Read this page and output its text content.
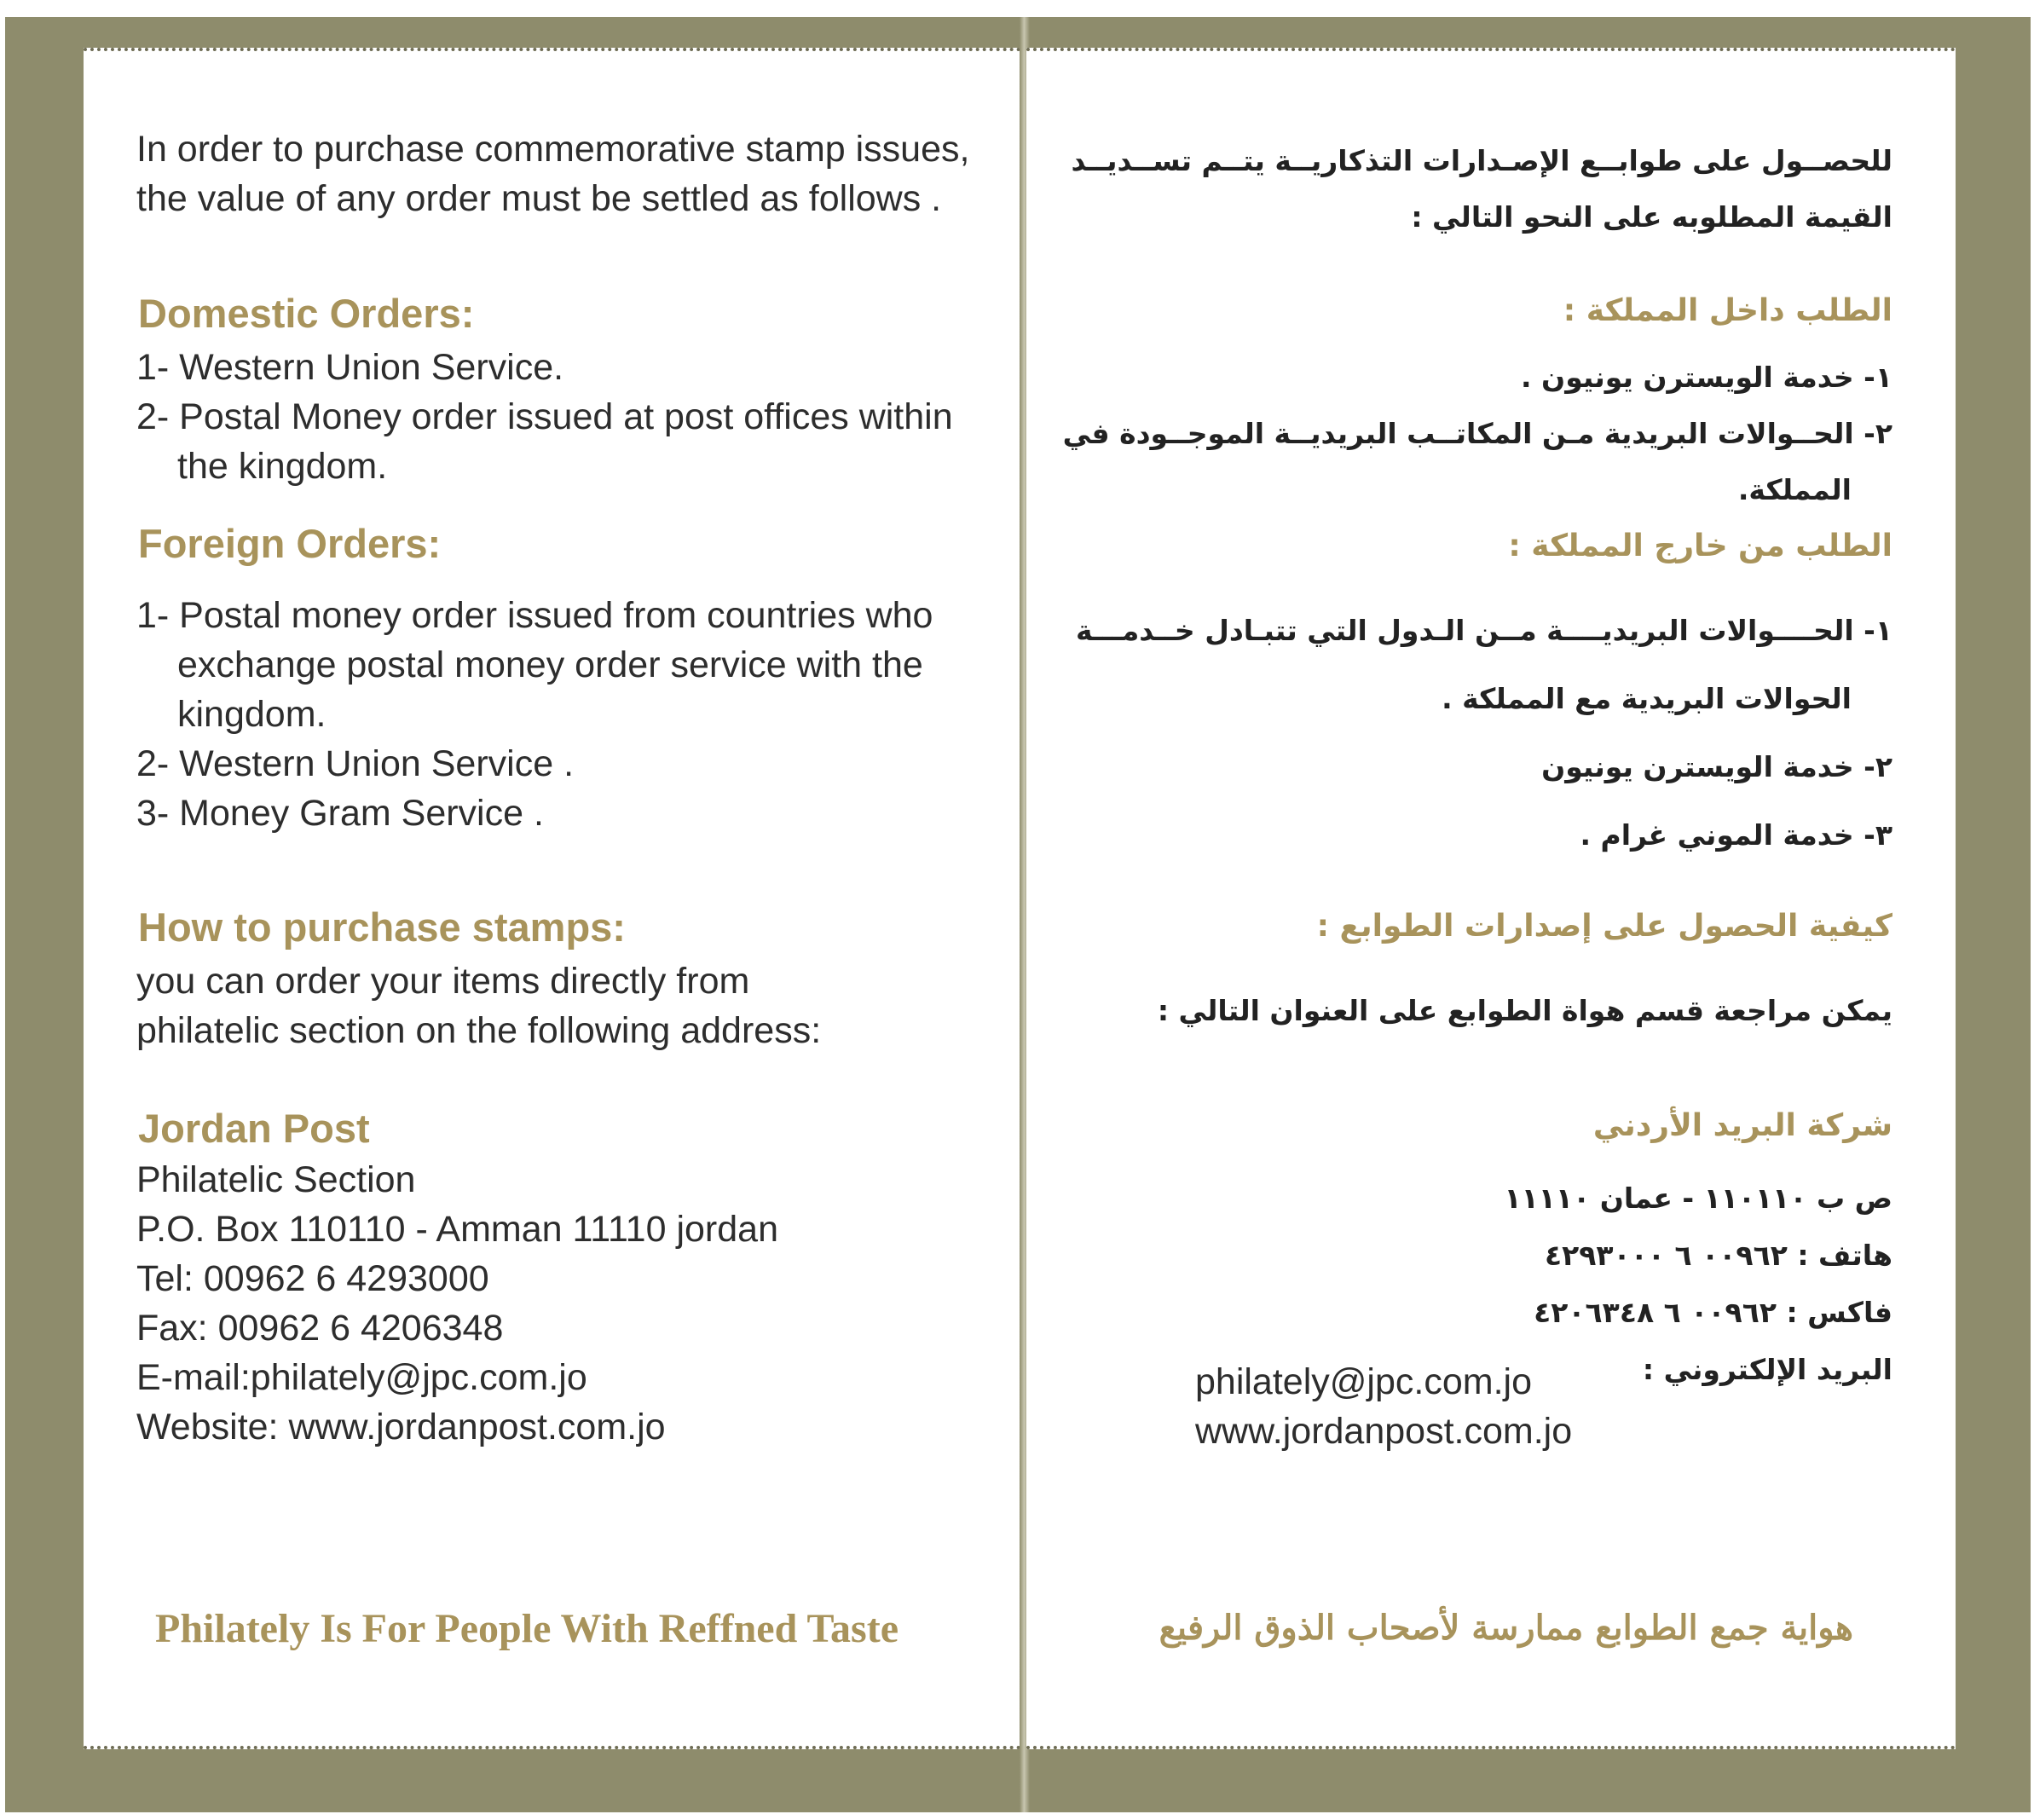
In order to purchase commemorative stamp issues,
the value of any order must be settled as follows .
Domestic Orders:
1- Western Union Service.
2- Postal Money order issued at post offices within
the kingdom.
Foreign Orders:
1- Postal money order issued from countries who
exchange postal money order service with the
kingdom.
2- Western Union Service .
3- Money Gram Service .
How to purchase stamps:
you can order your items directly from
philatelic section on the following address:
Jordan Post
Philatelic Section
P.O. Box 110110 - Amman 11110 jordan
Tel: 00962 6 4293000
Fax: 00962 6 4206348
E-mail:philately@jpc.com.jo
Website: www.jordanpost.com.jo
Philately Is For People With Reffned Taste
للحصــول على طوابــع الإصـدارات التذكاريــة يتــم تســديــد
القيمة المطلوبه على النحو التالي :
الطلب داخل المملكة :
١- خدمة الويسترن يونيون .
٢- الحــوالات البريدية مـن المكاتــب البريديــة الموجــودة في
المملكة.
الطلب من خارج المملكة :
١- الحــــوالات البريديــــة مــن الـدول التي تتبـادل خــدمـــة
الحوالات البريدية مع المملكة .
٢- خدمة الويسترن يونيون
٣- خدمة الموني غرام .
كيفية الحصول على إصدارات الطوابع :
يمكن مراجعة قسم هواة الطوابع على العنوان التالي :
شركة البريد الأردني
ص ب ١١٠١١٠ - عمان ١١١١٠
هاتف : ٠٠٩٦٢ ٦ ٤٢٩٣٠٠٠
فاكس : ٠٠٩٦٢ ٦ ٤٢٠٦٣٤٨
البريد الإلكتروني :
philately@jpc.com.jo
www.jordanpost.com.jo
هواية جمع الطوابع ممارسة لأصحاب الذوق الرفيع
